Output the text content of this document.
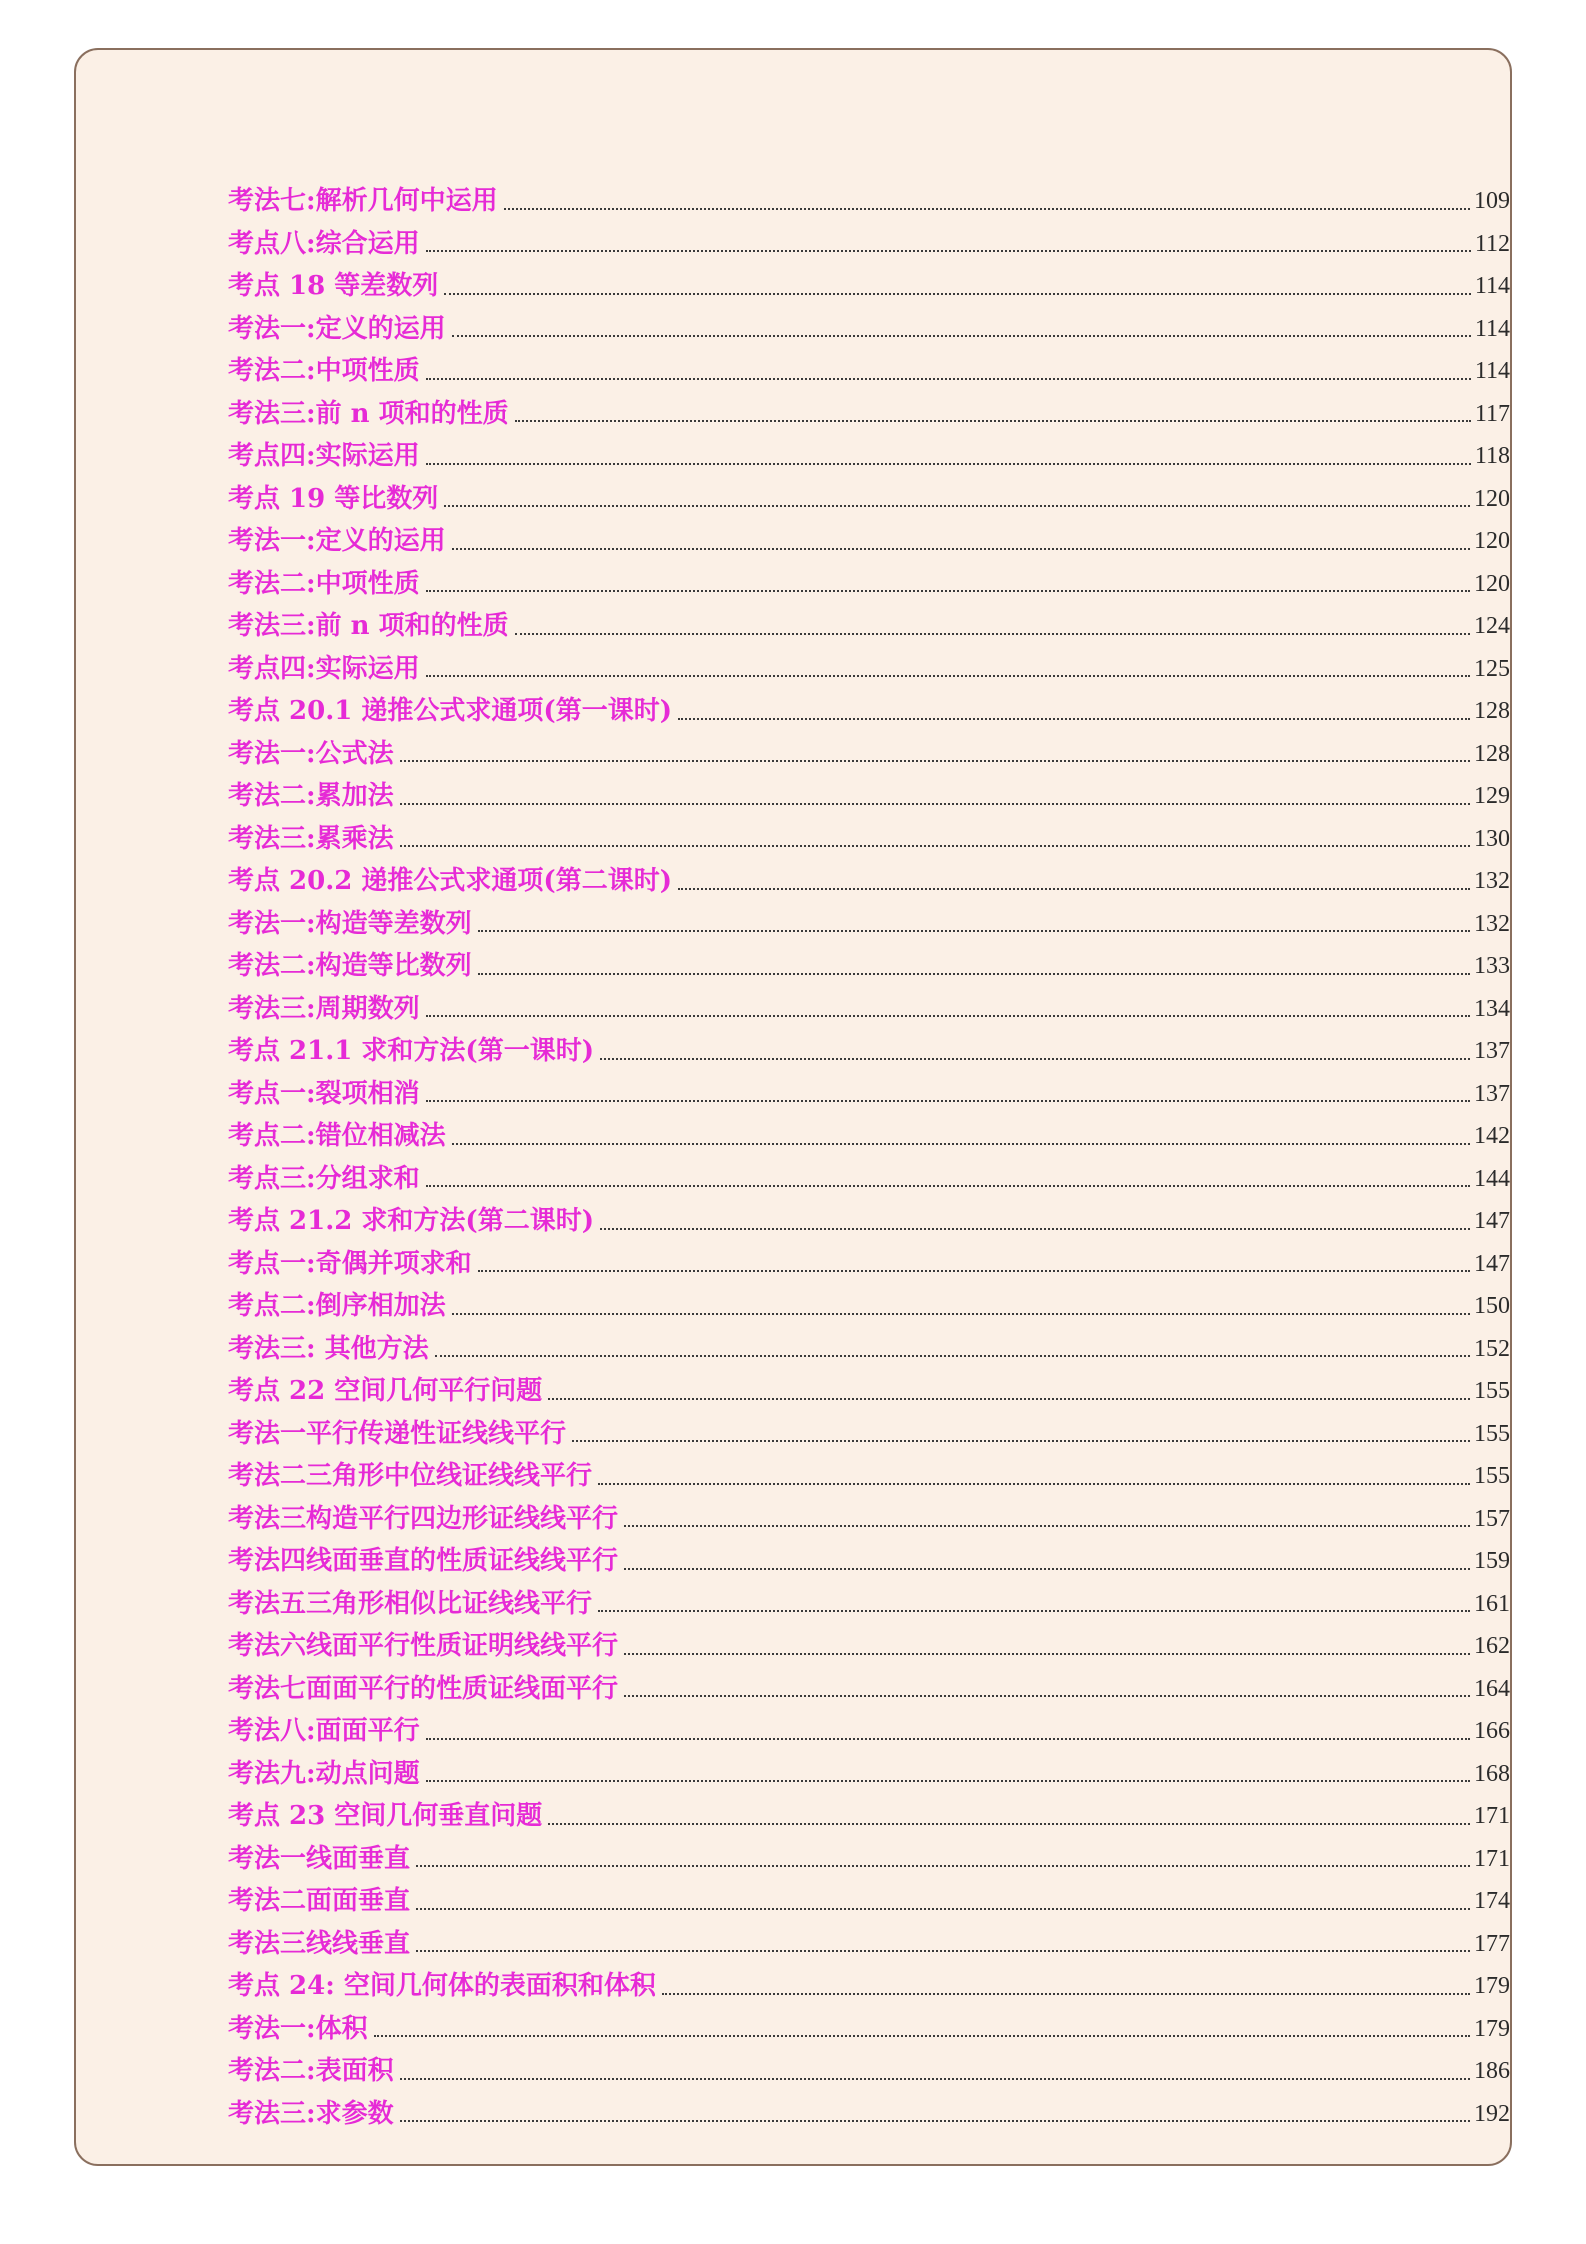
考法七:解析几何中运用	109
考点八:综合运用	112
考点 18 等差数列	114
考法一:定义的运用	114
考法二:中项性质	114
考法三:前 n 项和的性质	117
考点四:实际运用	118
考点 19 等比数列	120
考法一:定义的运用	120
考法二:中项性质	120
考法三:前 n 项和的性质	124
考点四:实际运用	125
考点 20.1 递推公式求通项(第一课时)	128
考法一:公式法	128
考法二:累加法	129
考法三:累乘法	130
考点 20.2 递推公式求通项(第二课时)	132
考法一:构造等差数列	132
考法二:构造等比数列	133
考法三:周期数列	134
考点 21.1 求和方法(第一课时)	137
考点一:裂项相消	137
考点二:错位相减法	142
考点三:分组求和	144
考点 21.2 求和方法(第二课时)	147
考点一:奇偶并项求和	147
考点二:倒序相加法	150
考法三: 其他方法	152
考点 22 空间几何平行问题	155
考法一平行传递性证线线平行	155
考法二三角形中位线证线线平行	155
考法三构造平行四边形证线线平行	157
考法四线面垂直的性质证线线平行	159
考法五三角形相似比证线线平行	161
考法六线面平行性质证明线线平行	162
考法七面面平行的性质证线面平行	164
考法八:面面平行	166
考法九:动点问题	168
考点 23 空间几何垂直问题	171
考法一线面垂直	171
考法二面面垂直	174
考法三线线垂直	177
考点 24: 空间几何体的表面积和体积	179
考法一:体积	179
考法二:表面积	186
考法三:求参数	192
